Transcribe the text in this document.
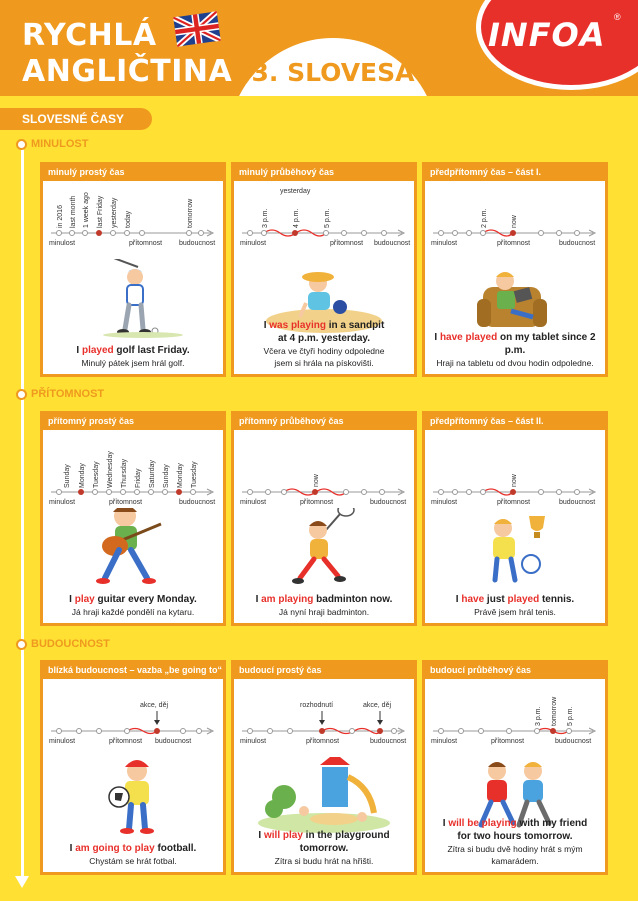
RYCHLÁ
ANGLIČTINA 3. SLOVESA
INFOA ®
SLOVESNÉ ČASY
MINULOST
PŘÍTOMNOST
BUDOUCNOST
minulý prostý čas
in 2016 last month 1 week ago last Friday yesterday today	tomorrow
minulost	přítomnost budoucnost
I played golf last Friday.
Minulý pátek jsem hrál golf.
minulý průběhový čas
3 p.m.	4 p.m.	5 p.m.
yesterday
minulost	přítomnost budoucnost
I was playing in a sandpit
at 4 p.m. yesterday.
Včera ve čtyři hodiny odpoledne
jsem si hrála na pískovišti.
předpřítomný čas – část I.
2 p.m.	now
minulost	přítomnost	budoucnost
I have played on my tablet since 2 p.m.
Hraji na tabletu od dvou hodin odpoledne.
přítomný prostý čas
Sunday Monday Tuesday Wednesday Thursday Friday Saturday Sunday Monday Tuesday
minulost	přítomnost	budoucnost
I play guitar every Monday.
Já hraji každé pondělí na kytaru.
přítomný průběhový čas
now
minulost	přítomnost	budoucnost
I am playing badminton now.
Já nyní hraji badminton.
předpřítomný čas – část II.
now
minulost	přítomnost	budoucnost
I have just played tennis.
Právě jsem hrál tenis.
blízká budoucnost – vazba „be going to“
akce, děj
minulost	přítomnost budoucnost
I am going to play football.
Chystám se hrát fotbal.
budoucí prostý čas
rozhodnutí	akce, děj
minulost	přítomnost	budoucnost
I will play in the playground tomorrow.
Zítra si budu hrát na hřišti.
budoucí průběhový čas
3 p.m. tomorrow 5 p.m.
minulost	přítomnost	budoucnost
I will be playing with my friend
for two hours tomorrow.
Zítra si budu dvě hodiny hrát s mým kamarádem.
